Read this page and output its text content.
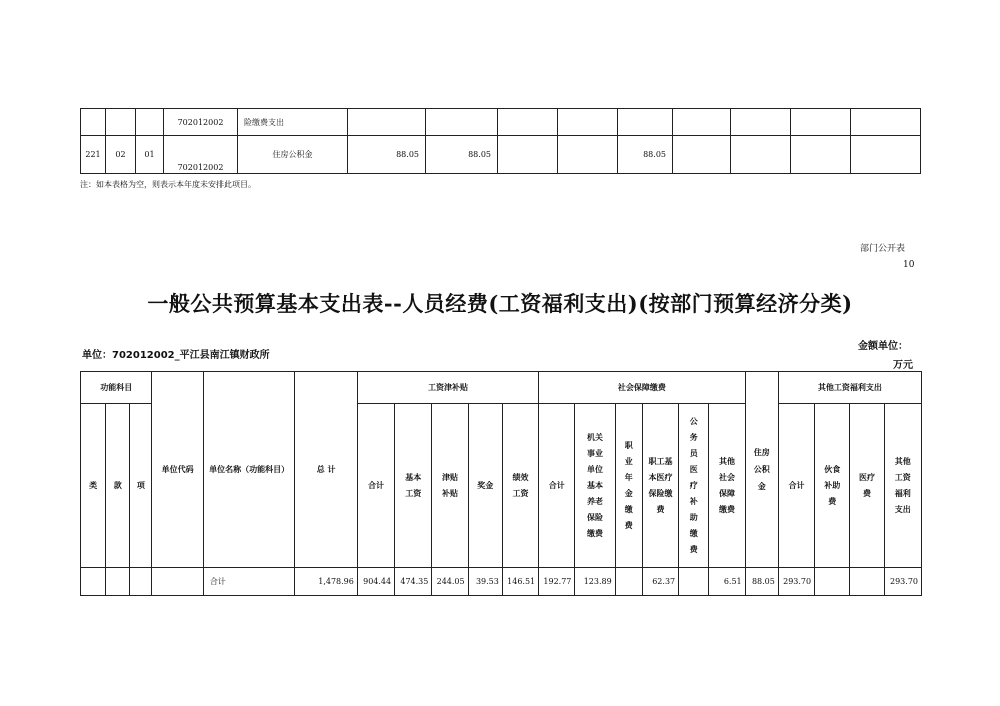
			702012002	险缴费支出									
221	02	01	702012002	住房公积金	88.05	88.05			88.05				

注：如本表格为空，则表示本年度未安排此项目。

部门公开表

10

一般公共预算基本支出表--人员经费(工资福利支出)(按部门预算经济分类)

单位：702012002_平江县南江镇财政所

金额单位：

万元

功能科目			单位代码	单位名称（功能科目）	总 计	工资津补贴					社会保障缴费						住房公积金	其他工资福利支出			
类	款	项				合计	基本工资	津贴补贴	奖金	绩效工资	合计	机关事业单位基本养老保险缴费	职业年金缴费	职工基本医疗保险缴费	公务员医疗补助缴费	其他社会保障缴费		合计	伙食补助费	医疗费	其他工资福利支出
				合计	1,478.96	904.44	474.35	244.05	39.53	146.51	192.77	123.89		62.37		6.51	88.05	293.70			293.70
